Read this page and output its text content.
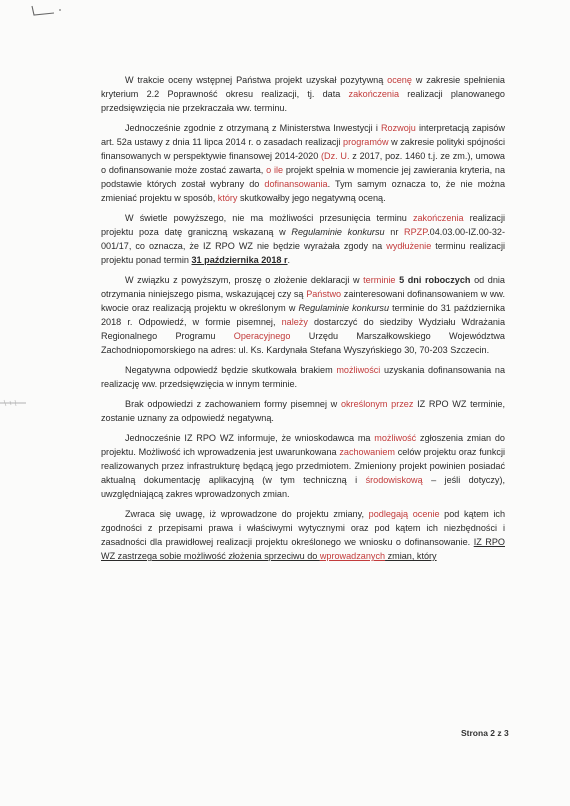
W trakcie oceny wstępnej Państwa projekt uzyskał pozytywną ocenę w zakresie spełnienia kryterium 2.2 Poprawność okresu realizacji, tj. data zakończenia realizacji planowanego przedsięwzięcia nie przekraczała ww. terminu.

Jednocześnie zgodnie z otrzymaną z Ministerstwa Inwestycji i Rozwoju interpretacją zapisów art. 52a ustawy z dnia 11 lipca 2014 r. o zasadach realizacji programów w zakresie polityki spójności finansowanych w perspektywie finansowej 2014-2020 (Dz. U. z 2017, poz. 1460 t.j. ze zm.), umowa o dofinansowanie może zostać zawarta, o ile projekt spełnia w momencie jej zawierania kryteria, na podstawie których został wybrany do dofinansowania. Tym samym oznacza to, że nie można zmieniać projektu w sposób, który skutkowałby jego negatywną oceną.

W świetle powyższego, nie ma możliwości przesunięcia terminu zakończenia realizacji projektu poza datę graniczną wskazaną w Regulaminie konkursu nr RPZP.04.03.00-IZ.00-32-001/17, co oznacza, że IZ RPO WZ nie będzie wyrażała zgody na wydłużenie terminu realizacji projektu ponad termin 31 października 2018 r.

W związku z powyższym, proszę o złożenie deklaracji w terminie 5 dni roboczych od dnia otrzymania niniejszego pisma, wskazującej czy są Państwo zainteresowani dofinansowaniem w ww. kwocie oraz realizacją projektu w określonym w Regulaminie konkursu terminie do 31 października 2018 r. Odpowiedź, w formie pisemnej, należy dostarczyć do siedziby Wydziału Wdrażania Regionalnego Programu Operacyjnego Urzędu Marszałkowskiego Województwa Zachodniopomorskiego na adres: ul. Ks. Kardynała Stefana Wyszyńskiego 30, 70-203 Szczecin.

Negatywna odpowiedź będzie skutkowała brakiem możliwości uzyskania dofinansowania na realizację ww. przedsięwzięcia w innym terminie.

Brak odpowiedzi z zachowaniem formy pisemnej w określonym przez IZ RPO WZ terminie, zostanie uznany za odpowiedź negatywną.

Jednocześnie IZ RPO WZ informuje, że wnioskodawca ma możliwość zgłoszenia zmian do projektu. Możliwość ich wprowadzenia jest uwarunkowana zachowaniem celów projektu oraz funkcji realizowanych przez infrastrukturę będącą jego przedmiotem. Zmieniony projekt powinien posiadać aktualną dokumentację aplikacyjną (w tym techniczną i środowiskową – jeśli dotyczy), uwzględniającą zakres wprowadzonych zmian.

Zwraca się uwagę, iż wprowadzone do projektu zmiany, podlegają ocenie pod kątem ich zgodności z przepisami prawa i właściwymi wytycznymi oraz pod kątem ich niezbędności i zasadności dla prawidłowej realizacji projektu określonego we wniosku o dofinansowanie. IZ RPO WZ zastrzega sobie możliwość złożenia sprzeciwu do wprowadzanych zmian, który

Strona 2 z 3
